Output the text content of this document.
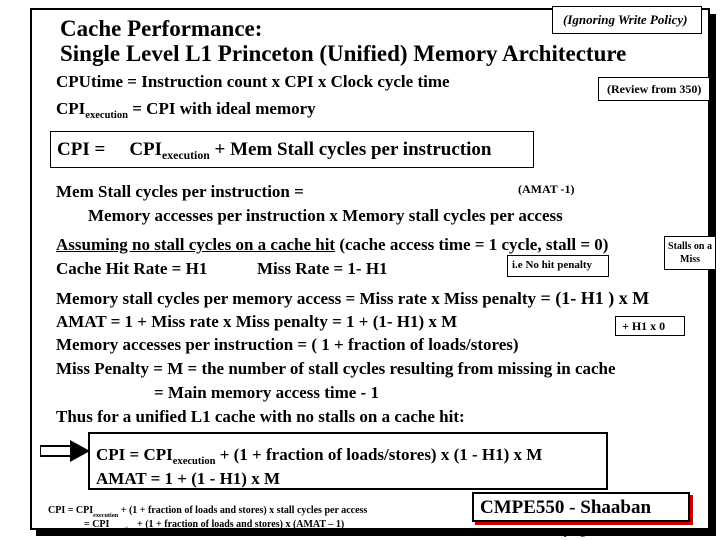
(Ignoring Write Policy)
Cache Performance:
Single Level L1 Princeton (Unified) Memory Architecture
CPUtime = Instruction count x CPI x Clock cycle time	(Review from 350)
$CPI_{execution}$ = CPI with ideal memory
CPI = $CPI_{execution}$ + Mem Stall cycles per instruction
Mem Stall cycles per instruction =	(AMAT -1)
Memory accesses per instruction x Memory stall cycles per access
Assuming no stall cycles on a cache hit (cache access time = 1 cycle, stall = 0)
Cache Hit Rate = H1	Miss Rate = 1- H1	i.e No hit penalty
Stalls on a Miss
Memory stall cycles per memory access = Miss rate x Miss penalty = (1- H1 ) x M
AMAT = 1 + Miss rate x Miss penalty = 1 + (1- H1) x M	+ H1 x 0
Memory accesses per instruction = ( 1 + fraction of loads/stores)
Miss Penalty = M = the number of stall cycles resulting from missing in cache
= Main memory access time - 1
Thus for a unified L1 cache with no stalls on a cache hit:
CPI = $CPI_{execution} + (1$ + fraction of loads/stores) x (1 - H1) x M
AMAT = 1 + (1 - H1) x M
CPI = $CPI_{execution} + (1$ + fraction of loads and stores) x stall cycles per access
= $CPI_{execution} + (1$ + fraction of loads and stores) x (AMAT – 1)
CMPE550 - Shaaban
#26 lec # 8 Spring 2016 3-30-2016
